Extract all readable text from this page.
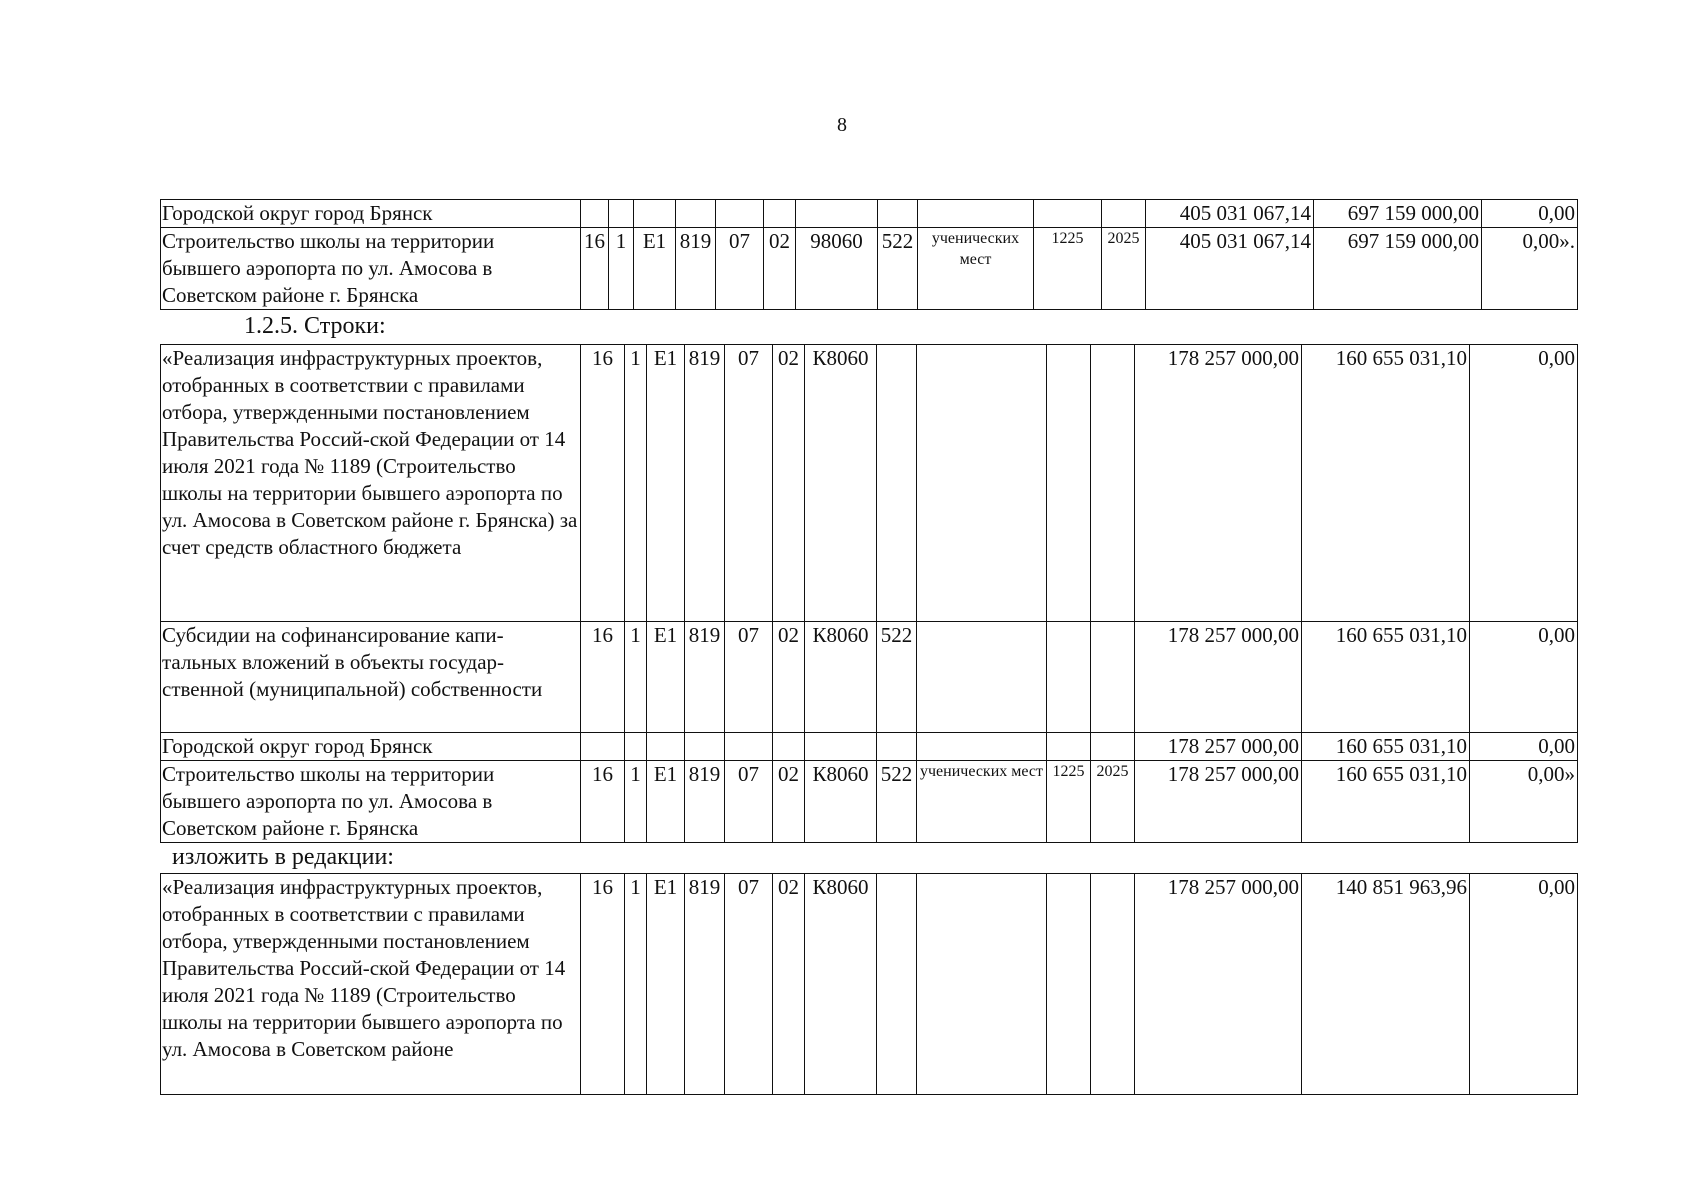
8
Городской округ город Брянск												405 031 067,14	697 159 000,00	0,00
Строительство школы на территории бывшего аэропорта по ул. Амосова в Советском районе г. Брянска	16	1	Е1	819	07	02	98060	522	ученических мест	1225	2025	405 031 067,14	697 159 000,00	0,00».
1.2.5. Строки:
«Реализация инфраструктурных проектов, отобранных в соответствии с правилами отбора, утвержденными постановлением Правительства Россий-ской Федерации от 14 июля 2021 года № 1189 (Строительство школы на территории бывшего аэропорта по ул. Амосова в Советском районе г. Брянска) за счет средств областного бюджета	16	1	Е1	819	07	02	К8060					178 257 000,00	160 655 031,10	0,00
Субсидии на софинансирование капи-тальных вложений в объекты государ-ственной (муниципальной) собственности	16	1	Е1	819	07	02	К8060	522				178 257 000,00	160 655 031,10	0,00
Городской округ город Брянск												178 257 000,00	160 655 031,10	0,00
Строительство школы на территории бывшего аэропорта по ул. Амосова в Советском районе г. Брянска	16	1	Е1	819	07	02	К8060	522	ученических мест	1225	2025	178 257 000,00	160 655 031,10	0,00»
изложить в редакции:
«Реализация инфраструктурных проектов, отобранных в соответствии с правилами отбора, утвержденными постановлением Правительства Россий-ской Федерации от 14 июля 2021 года № 1189 (Строительство школы на территории бывшего аэропорта по ул. Амосова в Советском районе	16	1	Е1	819	07	02	К8060					178 257 000,00	140 851 963,96	0,00
